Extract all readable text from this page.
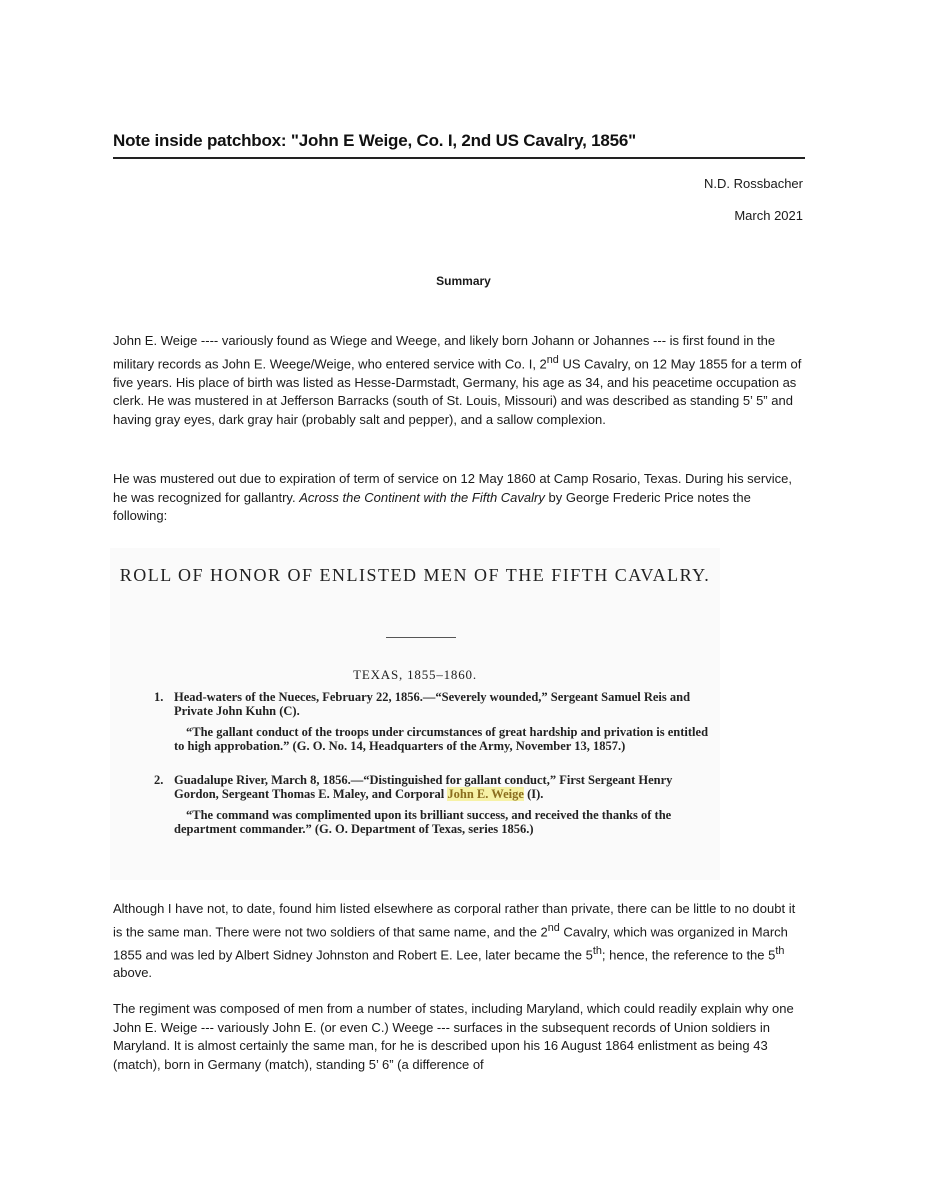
Note inside patchbox: "John E Weige, Co. I, 2nd US Cavalry, 1856"
N.D. Rossbacher
March 2021
Summary

John E. Weige ---- variously found as Wiege and Weege, and likely born Johann or Johannes --- is first found in the military records as John E. Weege/Weige, who entered service with Co. I, 2nd US Cavalry, on 12 May 1855 for a term of five years. His place of birth was listed as Hesse-Darmstadt, Germany, his age as 34, and his peacetime occupation as clerk. He was mustered in at Jefferson Barracks (south of St. Louis, Missouri) and was described as standing 5’ 5” and having gray eyes, dark gray hair (probably salt and pepper), and a sallow complexion.

He was mustered out due to expiration of term of service on 12 May 1860 at Camp Rosario, Texas. During his service, he was recognized for gallantry. Across the Continent with the Fifth Cavalry by George Frederic Price notes the following:

ROLL OF HONOR OF ENLISTED MEN OF THE FIFTH CAVALRY.

TEXAS, 1855–1860.

1. Head-waters of the Nueces, February 22, 1856.—“Severely wounded,” Sergeant Samuel Reis and Private John Kuhn (C).

“The gallant conduct of the troops under circumstances of great hardship and privation is entitled to high approbation.” (G. O. No. 14, Headquarters of the Army, November 13, 1857.)

2. Guadalupe River, March 8, 1856.—“Distinguished for gallant conduct,” First Sergeant Henry Gordon, Sergeant Thomas E. Maley, and Corporal John E. Weige (I).

“The command was complimented upon its brilliant success, and received the thanks of the department commander.” (G. O. Department of Texas, series 1856.)

Although I have not, to date, found him listed elsewhere as corporal rather than private, there can be little to no doubt it is the same man. There were not two soldiers of that same name, and the 2nd Cavalry, which was organized in March 1855 and was led by Albert Sidney Johnston and Robert E. Lee, later became the 5th; hence, the reference to the 5th above.

The regiment was composed of men from a number of states, including Maryland, which could readily explain why one John E. Weige --- variously John E. (or even C.) Weege --- surfaces in the subsequent records of Union soldiers in Maryland. It is almost certainly the same man, for he is described upon his 16 August 1864 enlistment as being 43 (match), born in Germany (match), standing 5’ 6” (a difference of
